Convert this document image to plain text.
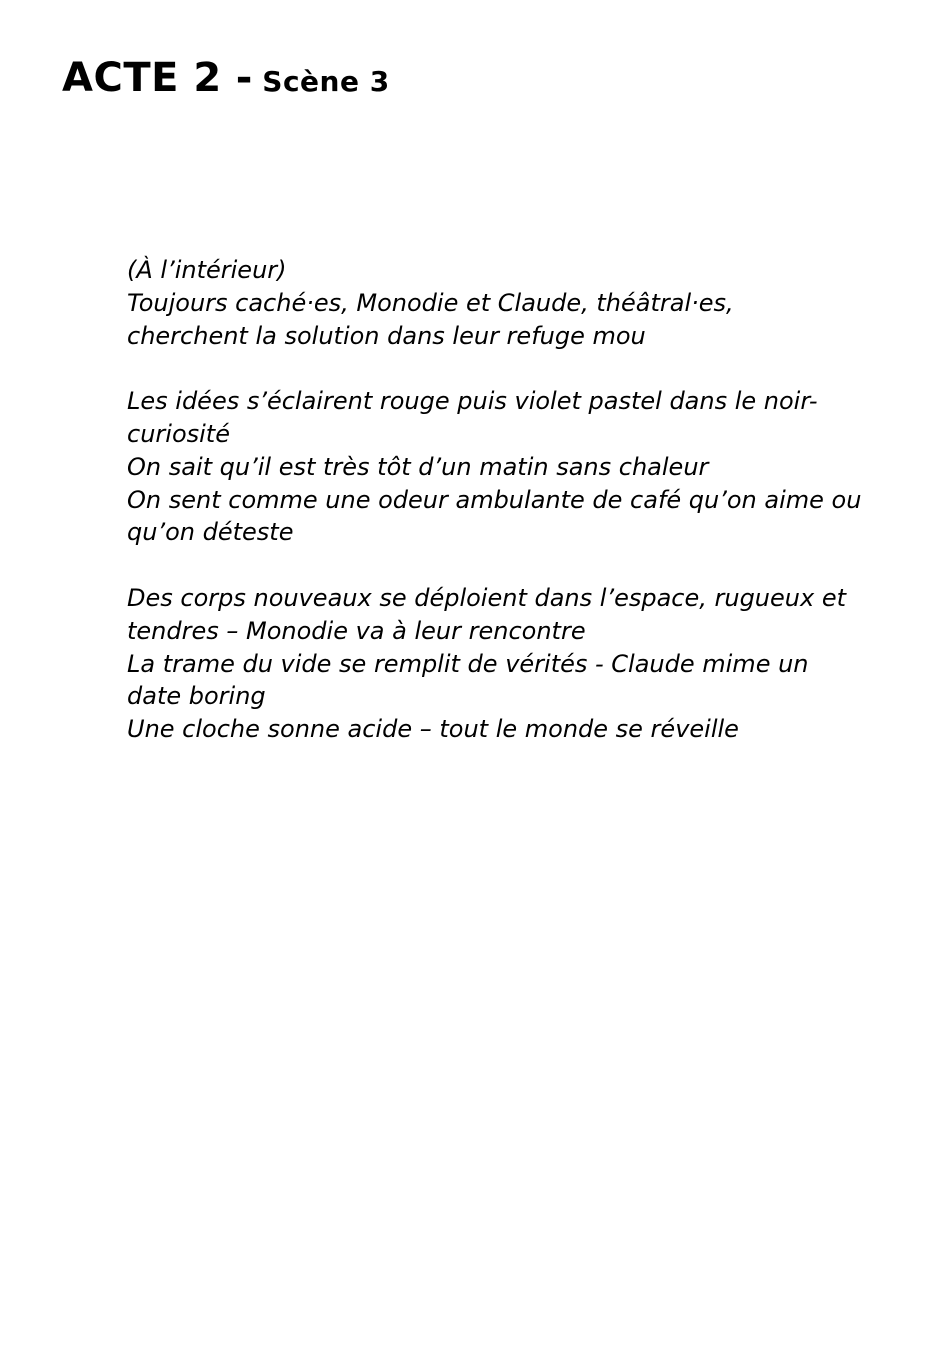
ACTE 2 - Scène 3

(À l’intérieur)
Toujours caché·es, Monodie et Claude, théâtral·es,
cherchent la solution dans leur refuge mou

Les idées s’éclairent rouge puis violet pastel dans le noir-
curiosité
On sait qu’il est très tôt d’un matin sans chaleur
On sent comme une odeur ambulante de café qu’on aime ou
qu’on déteste

Des corps nouveaux se déploient dans l’espace, rugueux et
tendres – Monodie va à leur rencontre
La trame du vide se remplit de vérités - Claude mime un
date boring
Une cloche sonne acide – tout le monde se réveille
